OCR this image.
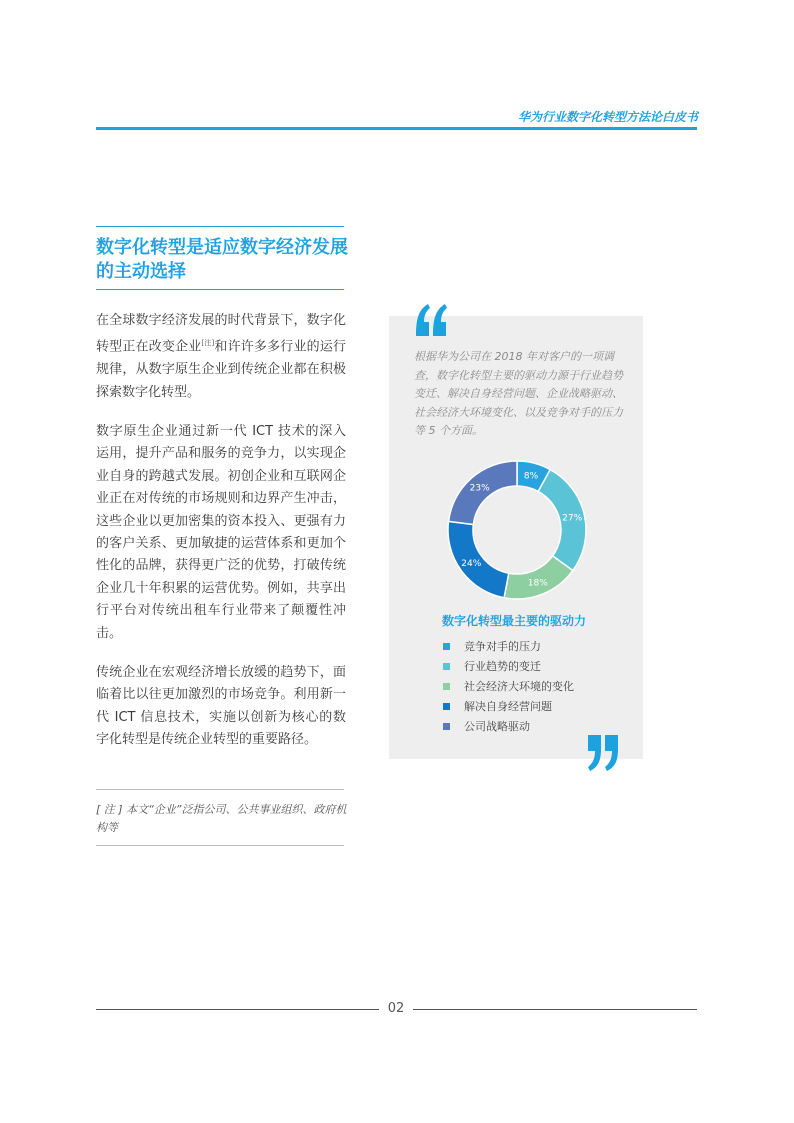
华为行业数字化转型方法论白皮书
数字化转型是适应数字经济发展的主动选择

在全球数字经济发展的时代背景下，数字化转型正在改变企业[注]和许许多多行业的运行规律，从数字原生企业到传统企业都在积极探索数字化转型。

数字原生企业通过新一代 ICT 技术的深入运用，提升产品和服务的竞争力，以实现企业自身的跨越式发展。初创企业和互联网企业正在对传统的市场规则和边界产生冲击，这些企业以更加密集的资本投入、更强有力的客户关系、更加敏捷的运营体系和更加个性化的品牌，获得更广泛的优势，打破传统企业几十年积累的运营优势。例如，共享出行平台对传统出租车行业带来了颠覆性冲击。

传统企业在宏观经济增长放缓的趋势下，面临着比以往更加激烈的市场竞争。利用新一代 ICT 信息技术，实施以创新为核心的数字化转型是传统企业转型的重要路径。

[ 注 ] 本文“企业”泛指公司、公共事业组织、政府机构等
根据华为公司在 2018 年对客户的一项调查，数字化转型主要的驱动力源于行业趋势变迁、解决自身经营问题、企业战略驱动、社会经济大环境变化、以及竞争对手的压力等 5 个方面。
8%
27%
18%
24%
23%
数字化转型最主要的驱动力
竞争对手的压力
行业趋势的变迁
社会经济大环境的变化
解决自身经营问题
公司战略驱动
02
